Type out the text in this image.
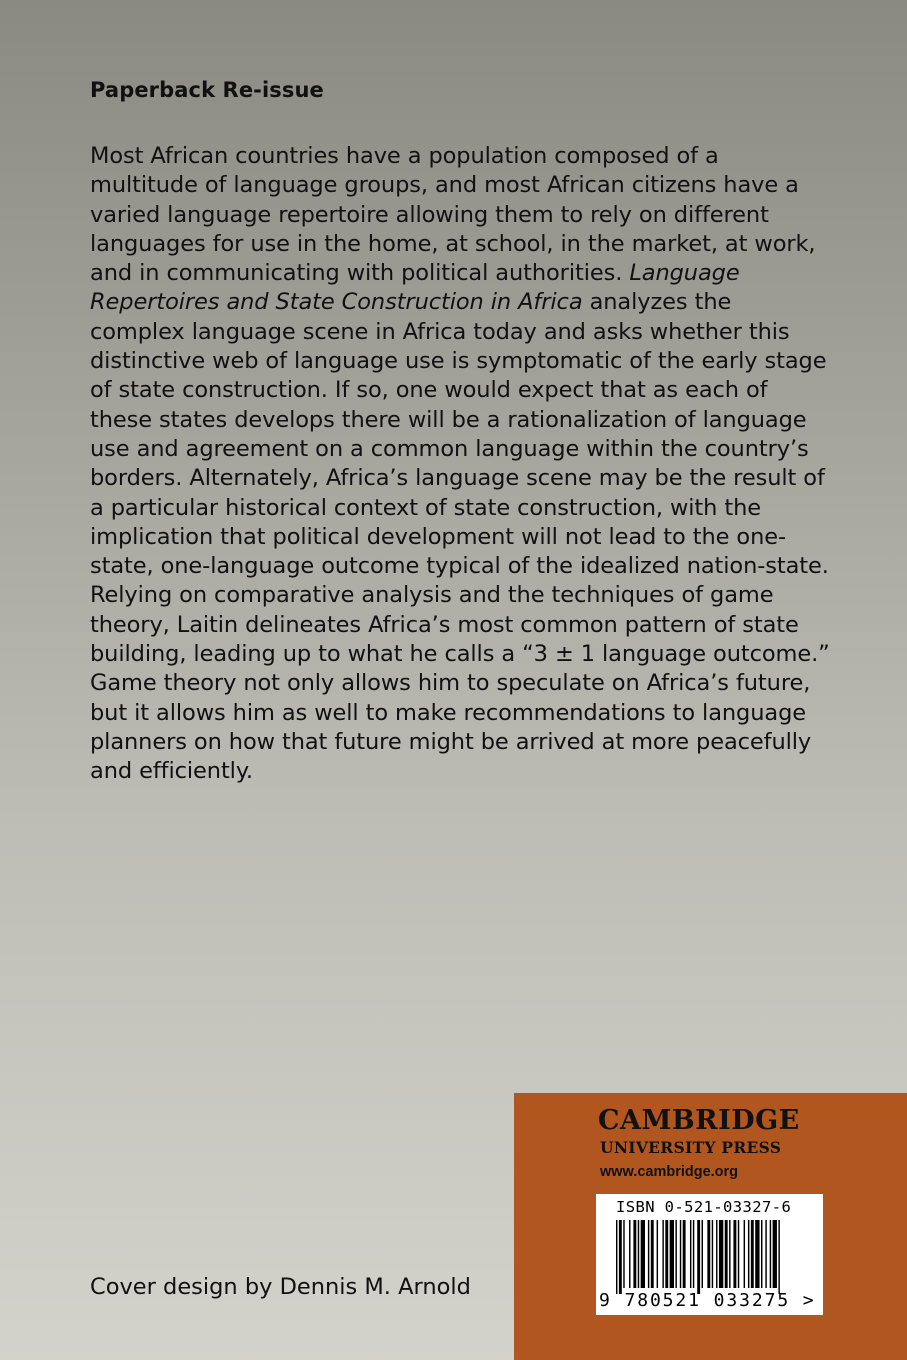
Paperback Re-issue

Most African countries have a population composed of a multitude of language groups, and most African citizens have a varied language repertoire allowing them to rely on different languages for use in the home, at school, in the market, at work, and in communicating with political authorities. Language Repertoires and State Construction in Africa analyzes the complex language scene in Africa today and asks whether this distinctive web of language use is symptomatic of the early stage of state construction. If so, one would expect that as each of these states develops there will be a rationalization of language use and agreement on a common language within the country’s borders. Alternately, Africa’s language scene may be the result of a particular historical context of state construction, with the implication that political development will not lead to the one-state, one-language outcome typical of the idealized nation-state. Relying on comparative analysis and the techniques of game theory, Laitin delineates Africa’s most common pattern of state building, leading up to what he calls a “3 ± 1 language outcome.” Game theory not only allows him to speculate on Africa’s future, but it allows him as well to make recommendations to language planners on how that future might be arrived at more peacefully and efficiently.

Cover design by Dennis M. Arnold
CAMBRIDGE
UNIVERSITY PRESS
www.cambridge.org
ISBN 0-521-03327-6
9 780521 033275 >
